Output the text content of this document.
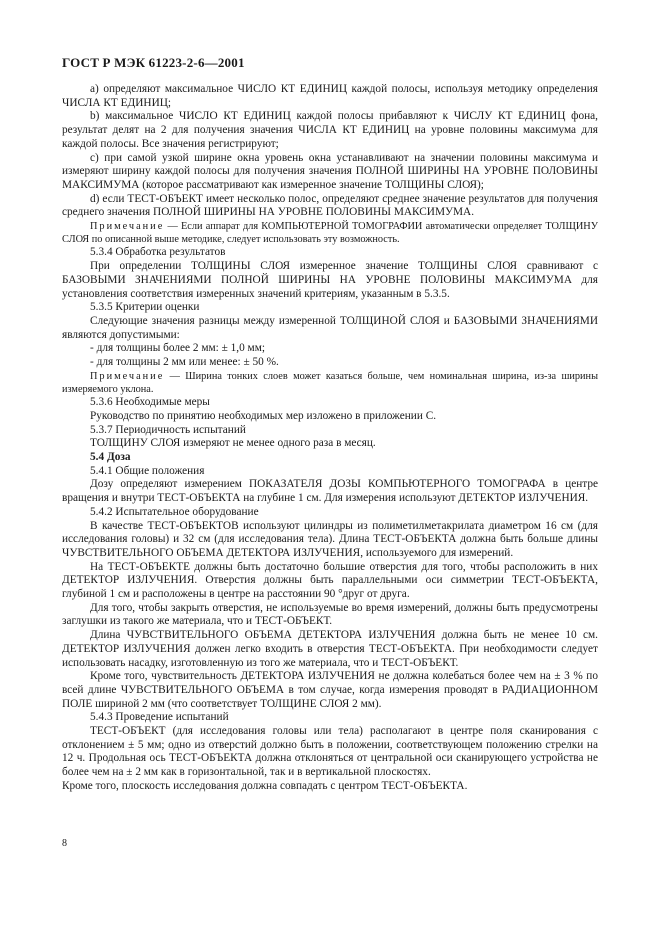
ГОСТ Р МЭК 61223-2-6—2001

a) определяют максимальное ЧИСЛО КТ ЕДИНИЦ каждой полосы, используя методику определения ЧИСЛА КТ ЕДИНИЦ;

b) максимальное ЧИСЛО КТ ЕДИНИЦ каждой полосы прибавляют к ЧИСЛУ КТ ЕДИНИЦ фона, результат делят на 2 для получения значения ЧИСЛА КТ ЕДИНИЦ на уровне половины максимума для каждой полосы. Все значения регистрируют;

c) при самой узкой ширине окна уровень окна устанавливают на значении половины максимума и измеряют ширину каждой полосы для получения значения ПОЛНОЙ ШИРИНЫ НА УРОВНЕ ПОЛОВИНЫ МАКСИМУМА (которое рассматривают как измеренное значение ТОЛЩИНЫ СЛОЯ);

d) если ТЕСТ-ОБЪЕКТ имеет несколько полос, определяют среднее значение результатов для получения среднего значения ПОЛНОЙ ШИРИНЫ НА УРОВНЕ ПОЛОВИНЫ МАКСИМУМА.

Примечание — Если аппарат для КОМПЬЮТЕРНОЙ ТОМОГРАФИИ автоматически определяет ТОЛЩИНУ СЛОЯ по описанной выше методике, следует использовать эту возможность.

5.3.4 Обработка результатов

При определении ТОЛЩИНЫ СЛОЯ измеренное значение ТОЛЩИНЫ СЛОЯ сравнивают с БАЗОВЫМИ ЗНАЧЕНИЯМИ ПОЛНОЙ ШИРИНЫ НА УРОВНЕ ПОЛОВИНЫ МАКСИМУМА для установления соответствия измеренных значений критериям, указанным в 5.3.5.

5.3.5 Критерии оценки

Следующие значения разницы между измеренной ТОЛЩИНОЙ СЛОЯ и БАЗОВЫМИ ЗНАЧЕНИЯМИ являются допустимыми:

- для толщины более 2 мм: ± 1,0 мм;

- для толщины 2 мм или менее: ± 50 %.

Примечание — Ширина тонких слоев может казаться больше, чем номинальная ширина, из-за ширины измеряемого уклона.

5.3.6 Необходимые меры

Руководство по принятию необходимых мер изложено в приложении С.

5.3.7 Периодичность испытаний

ТОЛЩИНУ СЛОЯ измеряют не менее одного раза в месяц.

5.4 Доза

5.4.1 Общие положения

Дозу определяют измерением ПОКАЗАТЕЛЯ ДОЗЫ КОМПЬЮТЕРНОГО ТОМОГРАФА в центре вращения и внутри ТЕСТ-ОБЪЕКТА на глубине 1 см. Для измерения используют ДЕТЕКТОР ИЗЛУЧЕНИЯ.

5.4.2 Испытательное оборудование

В качестве ТЕСТ-ОБЪЕКТОВ используют цилиндры из полиметилметакрилата диаметром 16 см (для исследования головы) и 32 см (для исследования тела). Длина ТЕСТ-ОБЪЕКТА должна быть больше длины ЧУВСТВИТЕЛЬНОГО ОБЪЕМА ДЕТЕКТОРА ИЗЛУЧЕНИЯ, используемого для измерений.

На ТЕСТ-ОБЪЕКТЕ должны быть достаточно большие отверстия для того, чтобы расположить в них ДЕТЕКТОР ИЗЛУЧЕНИЯ. Отверстия должны быть параллельными оси симметрии ТЕСТ-ОБЪЕКТА, глубиной 1 см и расположены в центре на расстоянии 90 °друг от друга.

Для того, чтобы закрыть отверстия, не используемые во время измерений, должны быть предусмотрены заглушки из такого же материала, что и ТЕСТ-ОБЪЕКТ.

Длина ЧУВСТВИТЕЛЬНОГО ОБЪЕМА ДЕТЕКТОРА ИЗЛУЧЕНИЯ должна быть не менее 10 см. ДЕТЕКТОР ИЗЛУЧЕНИЯ должен легко входить в отверстия ТЕСТ-ОБЪЕКТА. При необходимости следует использовать насадку, изготовленную из того же материала, что и ТЕСТ-ОБЪЕКТ.

Кроме того, чувствительность ДЕТЕКТОРА ИЗЛУЧЕНИЯ не должна колебаться более чем на ± 3 % по всей длине ЧУВСТВИТЕЛЬНОГО ОБЪЕМА в том случае, когда измерения проводят в РАДИАЦИОННОМ ПОЛЕ шириной 2 мм (что соответствует ТОЛЩИНЕ СЛОЯ 2 мм).

5.4.3 Проведение испытаний

ТЕСТ-ОБЪЕКТ (для исследования головы или тела) располагают в центре поля сканирования с отклонением ± 5 мм; одно из отверстий должно быть в положении, соответствующем положению стрелки на 12 ч. Продольная ось ТЕСТ-ОБЪЕКТА должна отклоняться от центральной оси сканирующего устройства не более чем на ± 2 мм как в горизонтальной, так и в вертикальной плоскостях.

Кроме того, плоскость исследования должна совпадать с центром ТЕСТ-ОБЪЕКТА.

8
